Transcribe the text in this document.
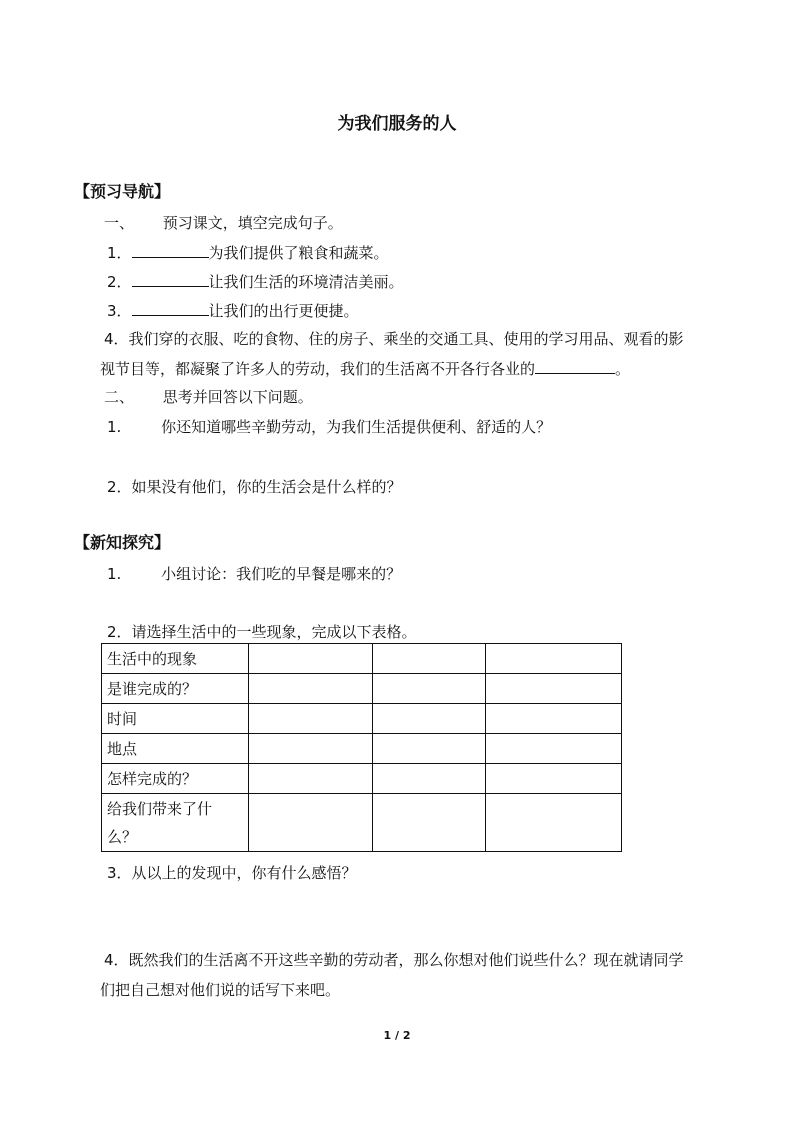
为我们服务的人
【预习导航】
一、 预习课文，填空完成句子。
1．	为我们提供了粮食和蔬菜。
2．	让我们生活的环境清洁美丽。
3．	让我们的出行更便捷。
4．我们穿的衣服、吃的食物、住的房子、乘坐的交通工具、使用的学习用品、观看的影
视节目等，都凝聚了许多人的劳动，我们的生活离不开各行各业的	。
二、 思考并回答以下问题。
1.	你还知道哪些辛勤劳动，为我们生活提供便利、舒适的人？
2．如果没有他们，你的生活会是什么样的？
【新知探究】
1.	小组讨论：我们吃的早餐是哪来的？
2．请选择生活中的一些现象，完成以下表格。
生活中的现象			
是谁完成的？			
时间			
地点			
怎样完成的？			
给我们带来了什么？			
3．从以上的发现中，你有什么感悟？
4．既然我们的生活离不开这些辛勤的劳动者，那么你想对他们说些什么？现在就请同学
们把自己想对他们说的话写下来吧。
1 / 2
